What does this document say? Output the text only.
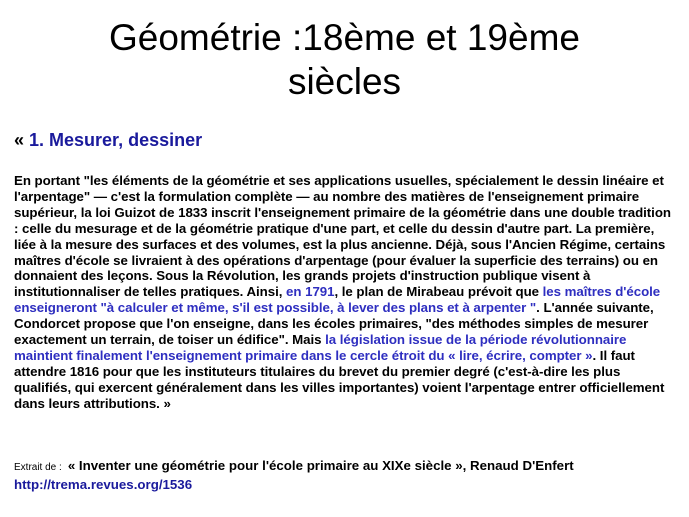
Géométrie :18ème et 19ème
siècles
« 1. Mesurer, dessiner

En portant "les éléments de la géométrie et ses applications usuelles, spécialement le dessin linéaire et l'arpentage" — c'est la formulation complète — au nombre des matières de l'enseignement primaire supérieur, la loi Guizot de 1833 inscrit l'enseignement primaire de la géométrie dans une double tradition : celle du mesurage et de la géométrie pratique d'une part, et celle du dessin d'autre part. La première, liée à la mesure des surfaces et des volumes, est la plus ancienne. Déjà, sous l'Ancien Régime, certains maîtres d'école se livraient à des opérations d'arpentage (pour évaluer la superficie des terrains) ou en donnaient des leçons. Sous la Révolution, les grands projets d'instruction publique visent à institutionnaliser de telles pratiques. Ainsi, en 1791, le plan de Mirabeau prévoit que les maîtres d'école enseigneront "à calculer et même, s'il est possible, à lever des plans et à arpenter ". L'année suivante, Condorcet propose que l'on enseigne, dans les écoles primaires, "des méthodes simples de mesurer exactement un terrain, de toiser un édifice". Mais la législation issue de la période révolutionnaire maintient finalement l'enseignement primaire dans le cercle étroit du « lire, écrire, compter ». Il faut attendre 1816 pour que les instituteurs titulaires du brevet du premier degré (c'est-à-dire les plus qualifiés, qui exercent généralement dans les villes importantes) voient l'arpentage entrer officiellement dans leurs attributions. »

Extrait de : « Inventer une géométrie pour l'école primaire au XIXe siècle », Renaud D'Enfert
http://trema.revues.org/1536
